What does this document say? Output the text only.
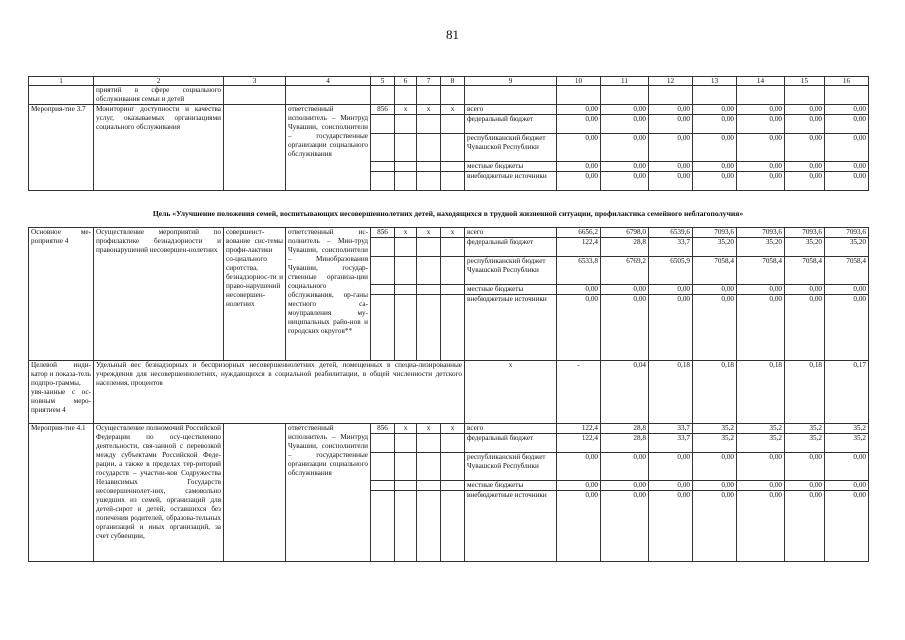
81
1	2	3	4	5	6	7	8	9	10	11	12	13	14	15	16
	приятий в сфере социального обслуживания семьи и детей														
Мероприя-тие 3.7	Мониторинг доступности и качества услуг, оказываемых организациями социального обслуживания		ответственный исполнитель – Минтруд Чувашии, соисполнители – государственные организации социального обслуживания	856	x	x	x	всего	0,00	0,00	0,00	0,00	0,00	0,00	0,00
								федеральный бюджет	0,00	0,00	0,00	0,00	0,00	0,00	0,00
								республиканский бюджет Чувашской Республики	0,00	0,00	0,00	0,00	0,00	0,00	0,00
								местные бюджеты	0,00	0,00	0,00	0,00	0,00	0,00	0,00
								внебюджетные источники	0,00	0,00	0,00	0,00	0,00	0,00	0,00
Цель «Улучшение положения семей, воспитывающих несовершеннолетних детей, находящихся в трудной жизненной ситуации, профилактика семейного неблагополучия»
Основное ме-роприятие 4	Осуществление мероприятий по профилактике безнадзорности и правонарушений несовершен-нолетних	совершенст-вование сис-темы профи-лактики со-циального сиротства, безнадзорнос-ти и право-нарушений несовершен-нолетних	ответственный ис-полнитель – Мин-труд Чувашии, соисполнители – Минобразования Чувашии, государ-ственные организа-ции социального обслуживания, ор-ганы местного са-моуправления му-ниципальных райо-нов и городских округов**	856	x	x	x	всего	6656,2	6798,0	6539,6	7093,6	7093,6	7093,6	7093,6
								федеральный бюджет	122,4	28,8	33,7	35,20	35,20	35,20	35,20
								республиканский бюджет Чувашской Республики	6533,8	6769,2	6505,9	7058,4	7058,4	7058,4	7058,4
								местные бюджеты	0,00	0,00	0,00	0,00	0,00	0,00	0,00
								внебюджетные источники	0,00	0,00	0,00	0,00	0,00	0,00	0,00
Целевой инди-катор и показа-тель подпро-граммы, увя-занные с ос-новным меро-приятием 4	Удельный вес безнадзорных и беспризорных несовершеннолетних детей, помещенных в специа-лизированные учреждения для несовершеннолетних, нуждающихся в социальной реабилитации, в общей численности детского населения, процентов							x	-	0,04	0,18	0,18	0,18	0,18	0,17
Мероприя-тие 4.1	Осуществление полномочий Российской Федерации по осу-ществлению деятельности, свя-занной с перевозкой между субъектами Российской Феде-рации, а также в пределах тер-риторий государств – участни-ков Содружества Независимых Государств несовершеннолет-них, самовольно ушедших из семей, организаций для детей-сирот и детей, оставшихся без попечения родителей, образова-тельных организаций и иных организаций, за счет субвенции,		ответственный исполнитель – Минтруд Чувашии, соисполнители – государственные организации социального обслуживания	856	x	x	x	всего	122,4	28,8	33,7	35,2	35,2	35,2	35,2
								федеральный бюджет	122,4	28,8	33,7	35,2	35,2	35,2	35,2
								республиканский бюджет Чувашской Республики	0,00	0,00	0,00	0,00	0,00	0,00	0,00
								местные бюджеты	0,00	0,00	0,00	0,00	0,00	0,00	0,00
								внебюджетные источники	0,00	0,00	0,00	0,00	0,00	0,00	0,00
